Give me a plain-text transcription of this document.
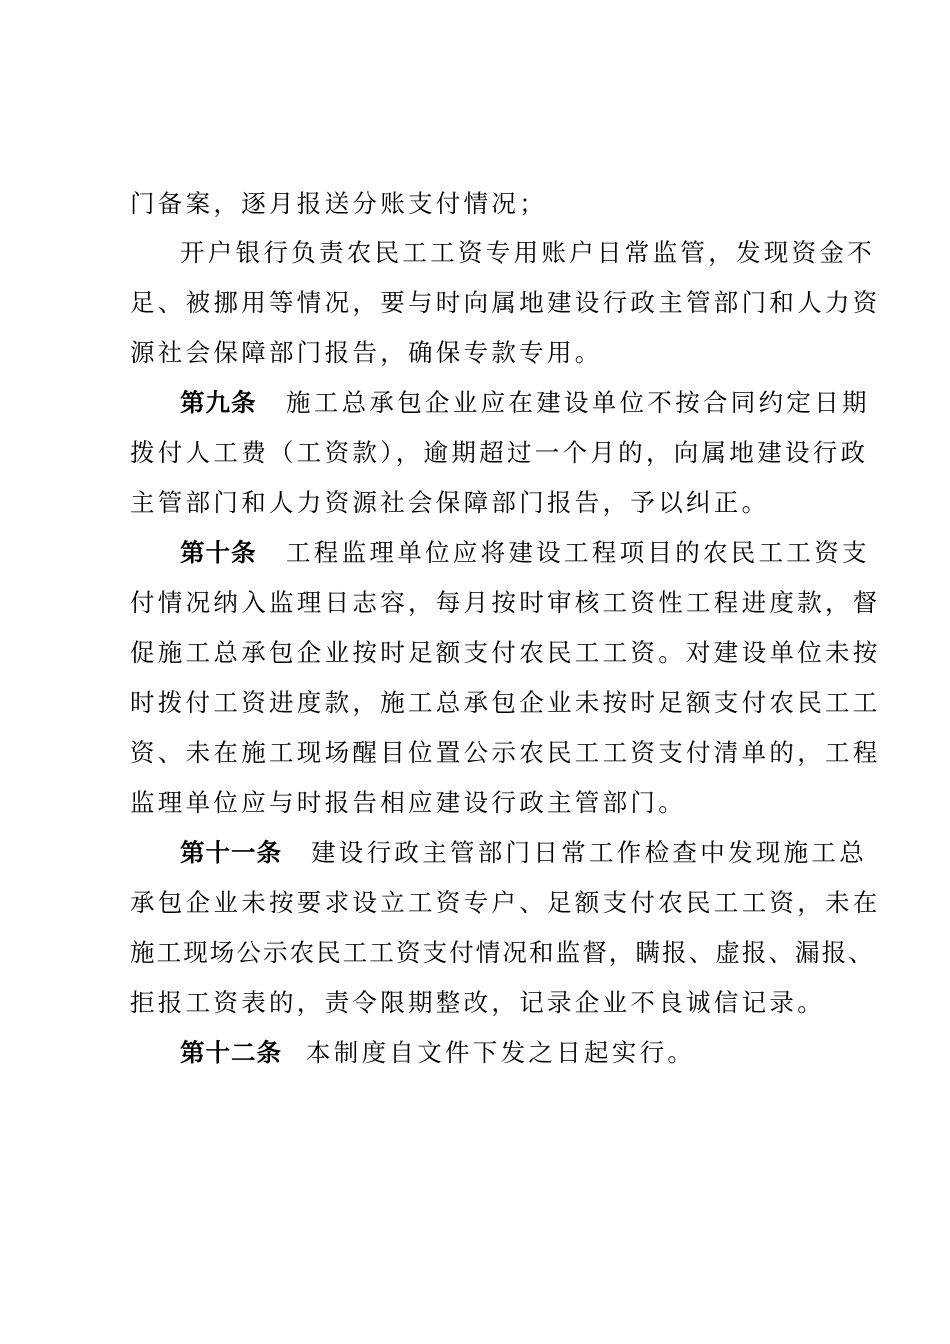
门备案，逐月报送分账支付情况；
开户银行负责农民工工资专用账户日常监管，发现资金不
足、被挪用等情况，要与时向属地建设行政主管部门和人力资
源社会保障部门报告，确保专款专用。
第九条 施工总承包企业应在建设单位不按合同约定日期
拨付人工费（工资款），逾期超过一个月的，向属地建设行政
主管部门和人力资源社会保障部门报告，予以纠正。
第十条 工程监理单位应将建设工程项目的农民工工资支
付情况纳入监理日志容，每月按时审核工资性工程进度款，督
促施工总承包企业按时足额支付农民工工资。对建设单位未按
时拨付工资进度款，施工总承包企业未按时足额支付农民工工
资、未在施工现场醒目位置公示农民工工资支付清单的，工程
监理单位应与时报告相应建设行政主管部门。
第十一条 建设行政主管部门日常工作检查中发现施工总
承包企业未按要求设立工资专户、足额支付农民工工资，未在
施工现场公示农民工工资支付情况和监督，瞒报、虚报、漏报、
拒报工资表的，责令限期整改，记录企业不良诚信记录。
第十二条 本制度自文件下发之日起实行。
